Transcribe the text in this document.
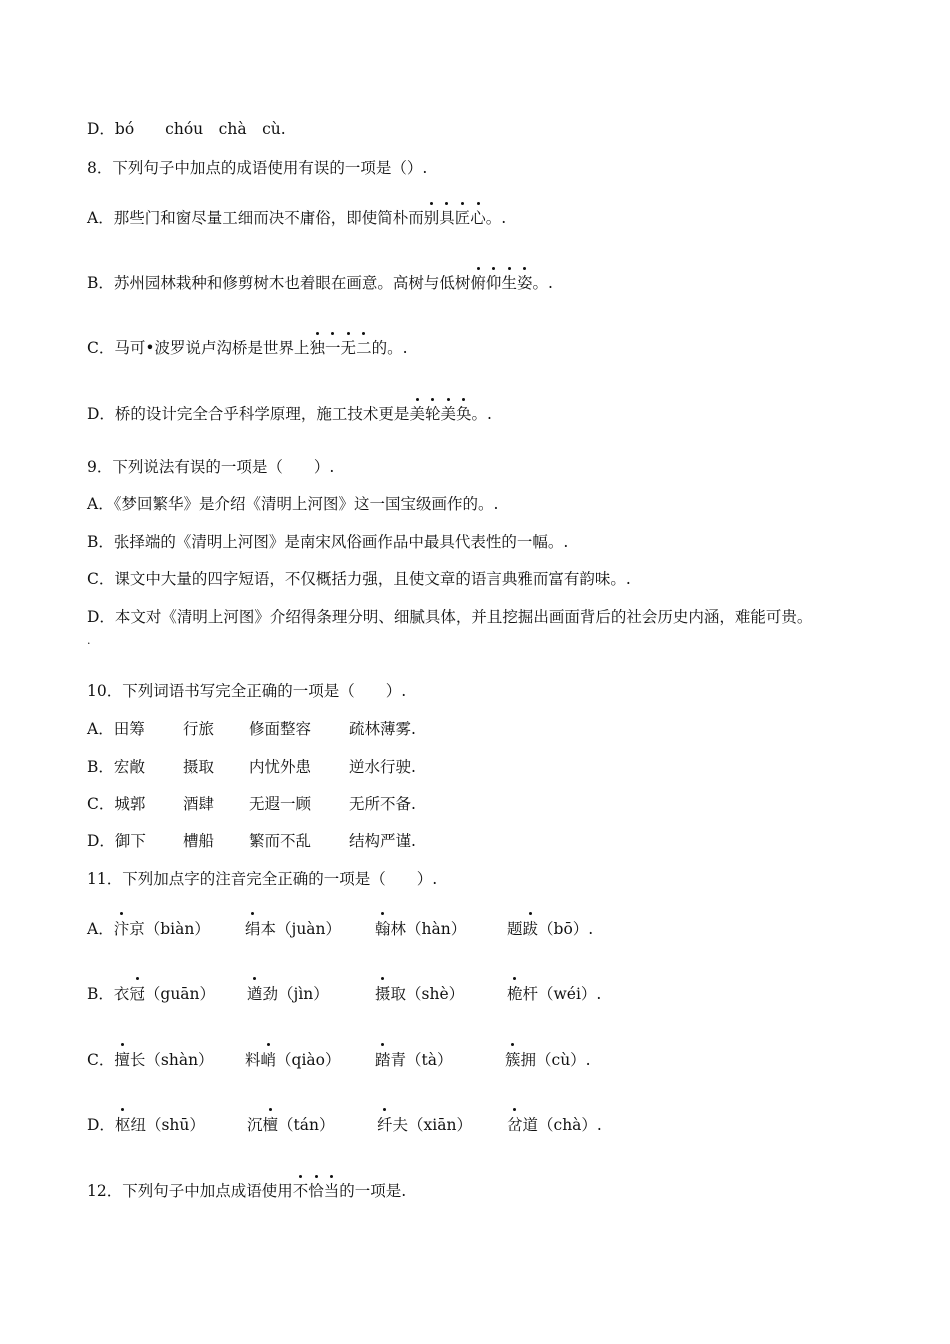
D．bó　　chóu　chà　cù.
8．下列句子中加点的成语使用有误的一项是（）.
A．那些门和窗尽量工细而决不庸俗，即使简朴而别具匠心。.
B．苏州园林栽种和修剪树木也着眼在画意。高树与低树俯仰生姿。.
C．马可•波罗说卢沟桥是世界上独一无二的。.
D．桥的设计完全合乎科学原理，施工技术更是美轮美奂。.
9．下列说法有误的一项是（　　）.
A．《梦回繁华》是介绍《清明上河图》这一国宝级画作的。.
B．张择端的《清明上河图》是南宋风俗画作品中最具代表性的一幅。.
C．课文中大量的四字短语，不仅概括力强，且使文章的语言典雅而富有韵味。.
D．本文对《清明上河图》介绍得条理分明、细腻具体，并且挖掘出画面背后的社会历史内涵，难能可贵。
.
10．下列词语书写完全正确的一项是（　　）.
A．田筹 行旅 修面整容 疏林薄雾.
B．宏敞 摄取 内忧外患 逆水行驶.
C．城郭 酒肆 无遐一顾 无所不备.
D．御下 槽船 繁而不乱 结构严谨.
11．下列加点字的注音完全正确的一项是（　　）.
A．汴京（biàn） 绢本（juàn） 翰林（hàn）	题跋（bō）.
B．衣冠（guān） 遒劲（jìn）	摄取（shè）	桅杆（wéi）.
C．擅长（shàn） 料峭（qiào） 踏青（tà）	簇拥（cù）.
D．枢纽（shū）	沉檀（tán）	纤夫（xiān） 岔道（chà）.
12．下列句子中加点成语使用不恰当的一项是.
